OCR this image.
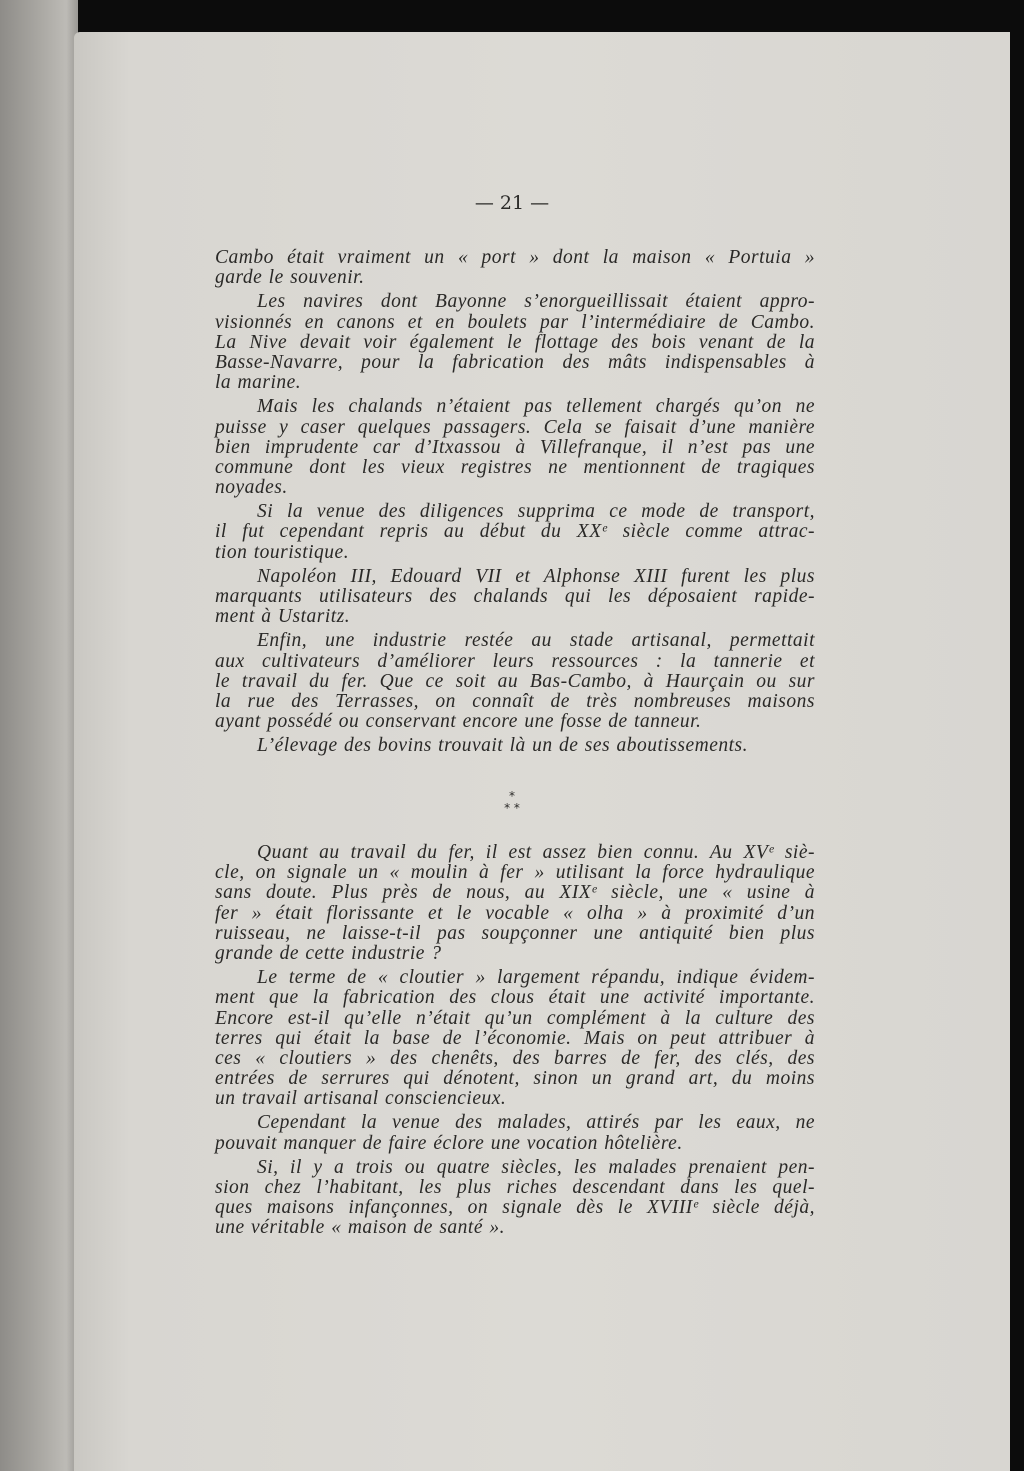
— 21 —
Cambo était vraiment un « port » dont la maison « Portuia »
garde le souvenir.
Les navires dont Bayonne s’enorgueillissait étaient appro-
visionnés en canons et en boulets par l’intermédiaire de Cambo.
La Nive devait voir également le flottage des bois venant de la
Basse-Navarre, pour la fabrication des mâts indispensables à
la marine.
Mais les chalands n’étaient pas tellement chargés qu’on ne
puisse y caser quelques passagers. Cela se faisait d’une manière
bien imprudente car d’Itxassou à Villefranque, il n’est pas une
commune dont les vieux registres ne mentionnent de tragiques
noyades.
Si la venue des diligences supprima ce mode de transport,
il fut cependant repris au début du XXᵉ siècle comme attrac-
tion touristique.
Napoléon III, Edouard VII et Alphonse XIII furent les plus
marquants utilisateurs des chalands qui les déposaient rapide-
ment à Ustaritz.
Enfin, une industrie restée au stade artisanal, permettait
aux cultivateurs d’améliorer leurs ressources : la tannerie et
le travail du fer. Que ce soit au Bas-Cambo, à Haurçain ou sur
la rue des Terrasses, on connaît de très nombreuses maisons
ayant possédé ou conservant encore une fosse de tanneur.
L’élevage des bovins trouvait là un de ses aboutissements.
*
* *
Quant au travail du fer, il est assez bien connu. Au XVᵉ siè-
cle, on signale un « moulin à fer » utilisant la force hydraulique
sans doute. Plus près de nous, au XIXᵉ siècle, une « usine à
fer » était florissante et le vocable « olha » à proximité d’un
ruisseau, ne laisse-t-il pas soupçonner une antiquité bien plus
grande de cette industrie ?
Le terme de « cloutier » largement répandu, indique évidem-
ment que la fabrication des clous était une activité importante.
Encore est-il qu’elle n’était qu’un complément à la culture des
terres qui était la base de l’économie. Mais on peut attribuer à
ces « cloutiers » des chenêts, des barres de fer, des clés, des
entrées de serrures qui dénotent, sinon un grand art, du moins
un travail artisanal consciencieux.
Cependant la venue des malades, attirés par les eaux, ne
pouvait manquer de faire éclore une vocation hôtelière.
Si, il y a trois ou quatre siècles, les malades prenaient pen-
sion chez l’habitant, les plus riches descendant dans les quel-
ques maisons infançonnes, on signale dès le XVIIIᵉ siècle déjà,
une véritable « maison de santé ».
